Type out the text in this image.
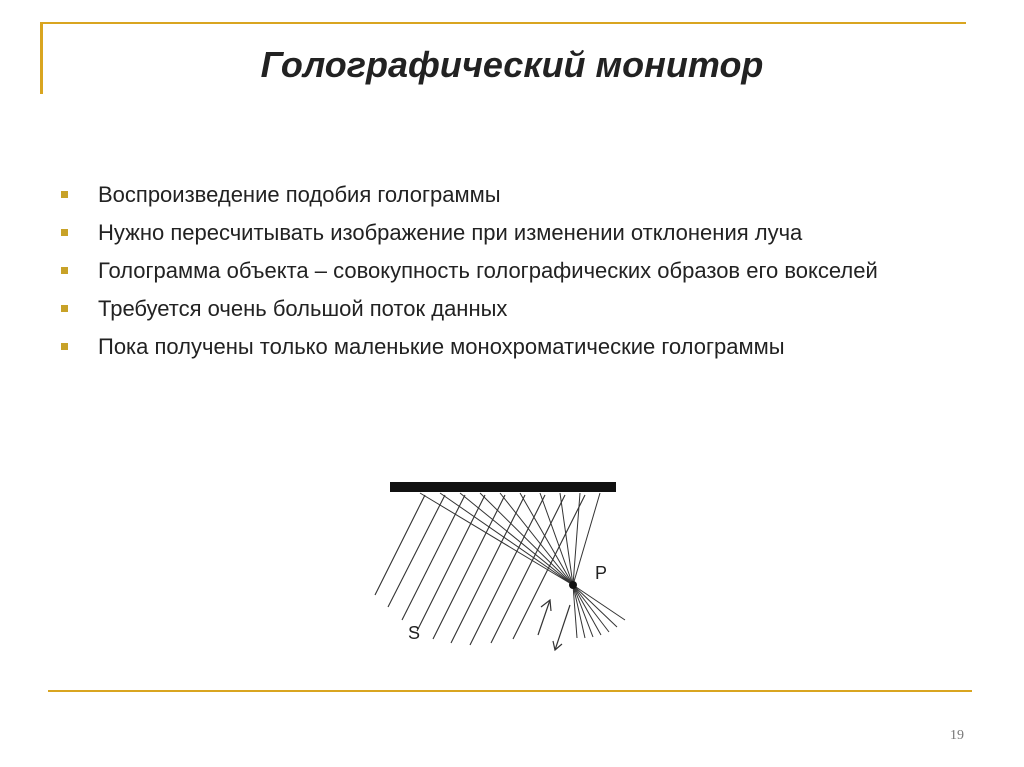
Голографический монитор
Воспроизведение подобия голограммы
Нужно пересчитывать изображение при изменении отклонения луча
Голограмма объекта – совокупность голографических образов его вокселей
Требуется очень большой поток данных
Пока получены только маленькие монохроматические голограммы
P
S
19
